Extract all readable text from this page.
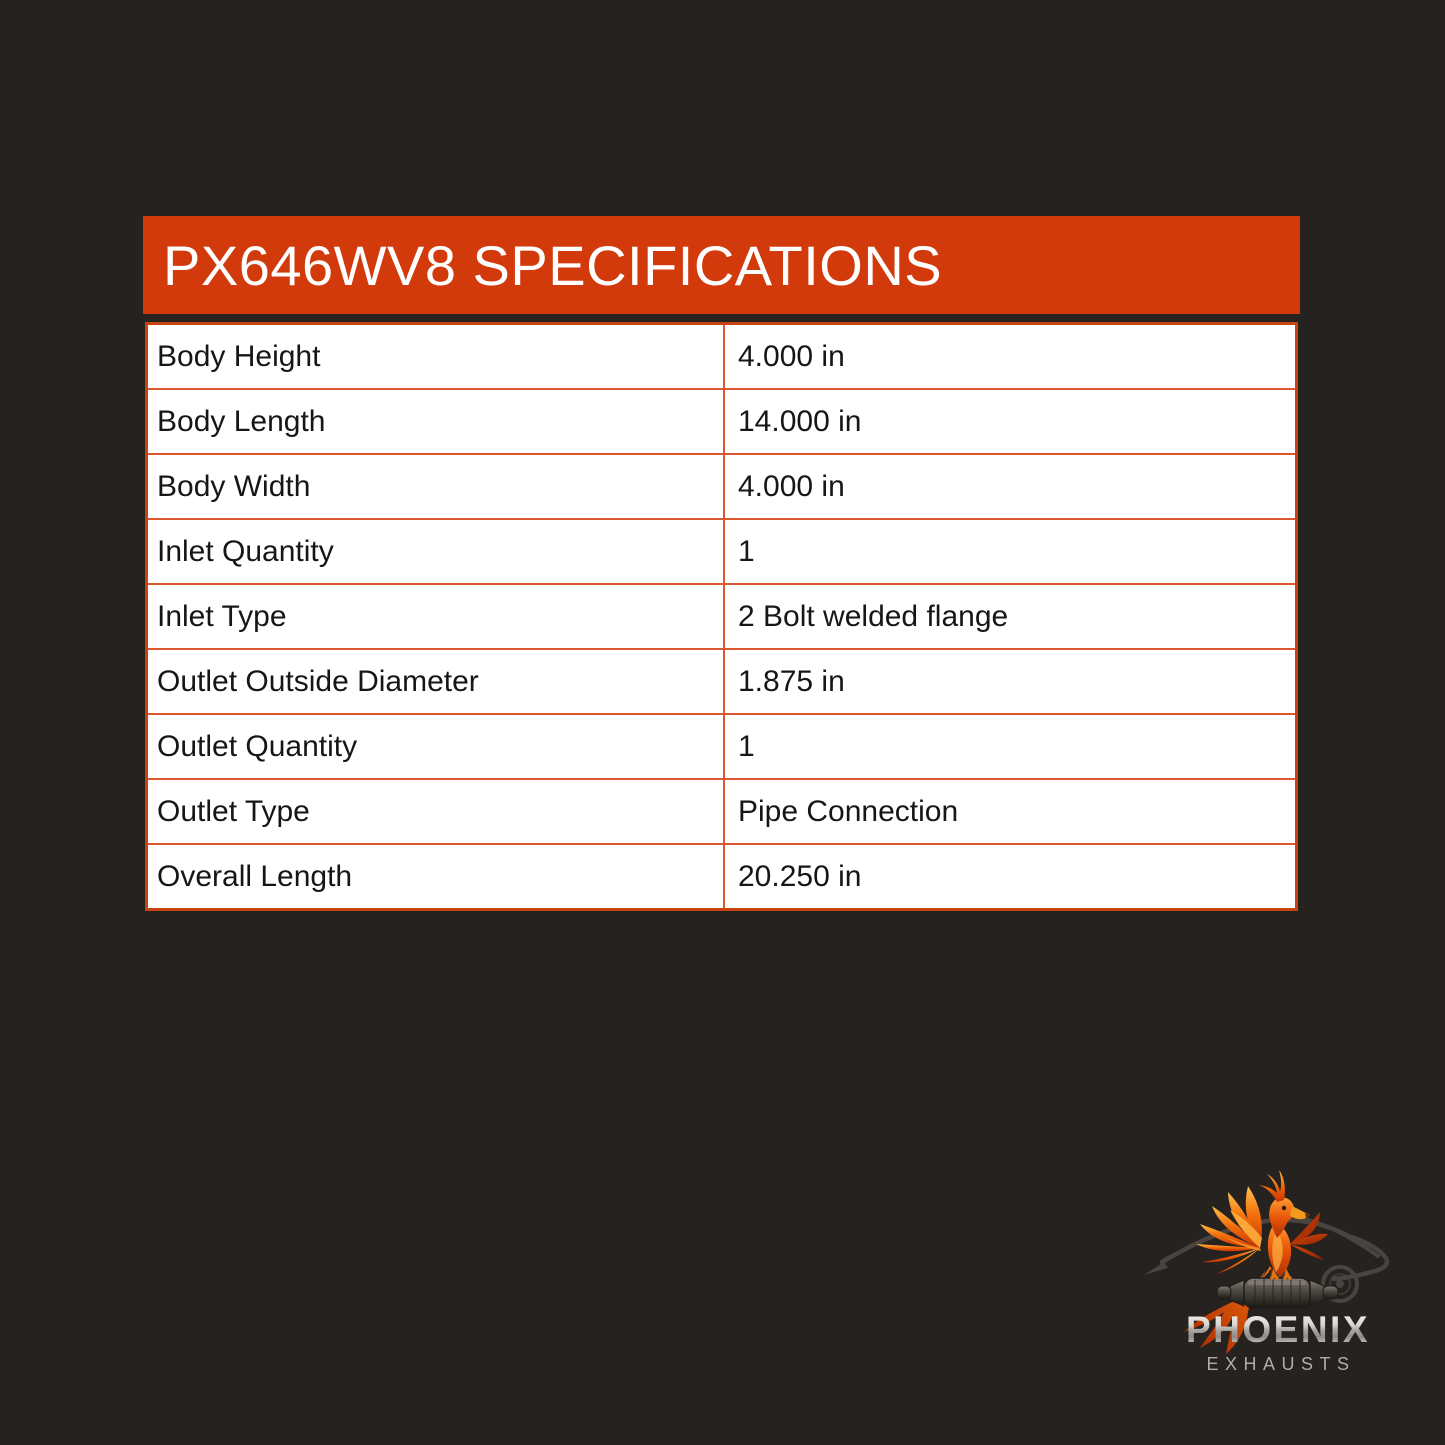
PX646WV8 SPECIFICATIONS
Body Height	4.000 in
Body Length	14.000 in
Body Width	4.000 in
Inlet Quantity	1
Inlet Type	2 Bolt welded flange
Outlet Outside Diameter	1.875 in
Outlet Quantity	1
Outlet Type	Pipe Connection
Overall Length	20.250 in
PHOENIX
EXHAUSTS
